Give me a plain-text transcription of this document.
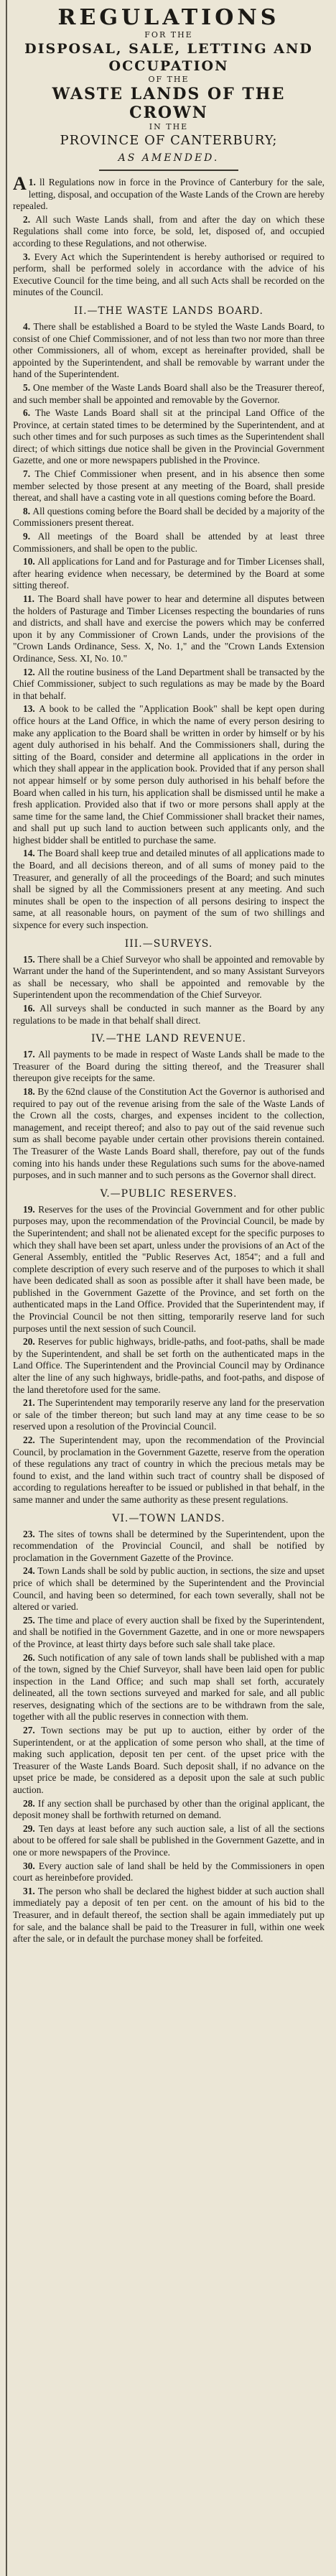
REGULATIONS
FOR THE
DISPOSAL, SALE, LETTING AND
OCCUPATION
OF THE
WASTE LANDS OF THE CROWN
IN THE
PROVINCE OF CANTERBURY;
AS AMENDED.

1.
A ll Regulations now in force in the Province of Canterbury for the sale, letting, disposal, and occupation of the Waste Lands of the Crown are hereby repealed.

2. All such Waste Lands shall, from and after the day on which these Regulations shall come into force, be sold, let, disposed of, and occupied according to these Regulations, and not otherwise.

3. Every Act which the Superintendent is hereby authorised or required to perform, shall be performed solely in accordance with the advice of his Executive Council for the time being, and all such Acts shall be recorded on the minutes of the Council.

II.—THE WASTE LANDS BOARD.

4. There shall be established a Board to be styled the Waste Lands Board, to consist of one Chief Commissioner, and of not less than two nor more than three other Commissioners, all of whom, except as hereinafter provided, shall be appointed by the Superintendent, and shall be removable by warrant under the hand of the Superintendent.

5. One member of the Waste Lands Board shall also be the Treasurer thereof, and such member shall be appointed and removable by the Governor.

6. The Waste Lands Board shall sit at the principal Land Office of the Province, at certain stated times to be determined by the Superintendent, and at such other times and for such purposes as such times as the Superintendent shall direct; of which sittings due notice shall be given in the Provincial Government Gazette, and one or more newspapers published in the Province.

7. The Chief Commissioner when present, and in his absence then some member selected by those present at any meeting of the Board, shall preside thereat, and shall have a casting vote in all questions coming before the Board.

8. All questions coming before the Board shall be decided by a majority of the Commissioners present thereat.

9. All meetings of the Board shall be attended by at least three Commissioners, and shall be open to the public.

10. All applications for Land and for Pasturage and for Timber Licenses shall, after hearing evidence when necessary, be determined by the Board at some sitting thereof.

11. The Board shall have power to hear and determine all disputes between the holders of Pasturage and Timber Licenses respecting the boundaries of runs and districts, and shall have and exercise the powers which may be conferred upon it by any Commissioner of Crown Lands, under the provisions of the "Crown Lands Ordinance, Sess. X, No. 1," and the "Crown Lands Extension Ordinance, Sess. XI, No. 10."

12. All the routine business of the Land Department shall be transacted by the Chief Commissioner, subject to such regulations as may be made by the Board in that behalf.

13. A book to be called the "Application Book" shall be kept open during office hours at the Land Office, in which the name of every person desiring to make any application to the Board shall be written in order by himself or by his agent duly authorised in his behalf. And the Commissioners shall, during the sitting of the Board, consider and determine all applications in the order in which they shall appear in the application book. Provided that if any person shall not appear himself or by some person duly authorised in his behalf before the Board when called in his turn, his application shall be dismissed until he make a fresh application. Provided also that if two or more persons shall apply at the same time for the same land, the Chief Commissioner shall bracket their names, and shall put up such land to auction between such applicants only, and the highest bidder shall be entitled to purchase the same.

14. The Board shall keep true and detailed minutes of all applications made to the Board, and all decisions thereon, and of all sums of money paid to the Treasurer, and generally of all the proceedings of the Board; and such minutes shall be signed by all the Commissioners present at any meeting. And such minutes shall be open to the inspection of all persons desiring to inspect the same, at all reasonable hours, on payment of the sum of two shillings and sixpence for every such inspection.

III.—SURVEYS.

15. There shall be a Chief Surveyor who shall be appointed and removable by Warrant under the hand of the Superintendent, and so many Assistant Surveyors as shall be necessary, who shall be appointed and removable by the Superintendent upon the recommendation of the Chief Surveyor.

16. All surveys shall be conducted in such manner as the Board by any regulations to be made in that behalf shall direct.

IV.—THE LAND REVENUE.

17. All payments to be made in respect of Waste Lands shall be made to the Treasurer of the Board during the sitting thereof, and the Treasurer shall thereupon give receipts for the same.

18. By the 62nd clause of the Constitution Act the Governor is authorised and required to pay out of the revenue arising from the sale of the Waste Lands of the Crown all the costs, charges, and expenses incident to the collection, management, and receipt thereof; and also to pay out of the said revenue such sum as shall become payable under certain other provisions therein contained. The Treasurer of the Waste Lands Board shall, therefore, pay out of the funds coming into his hands under these Regulations such sums for the above-named purposes, and in such manner and to such persons as the Governor shall direct.

V.—PUBLIC RESERVES.

19. Reserves for the uses of the Provincial Government and for other public purposes may, upon the recommendation of the Provincial Council, be made by the Superintendent; and shall not be alienated except for the specific purposes to which they shall have been set apart, unless under the provisions of an Act of the General Assembly, entitled the "Public Reserves Act, 1854"; and a full and complete description of every such reserve and of the purposes to which it shall have been dedicated shall as soon as possible after it shall have been made, be published in the Government Gazette of the Province, and set forth on the authenticated maps in the Land Office. Provided that the Superintendent may, if the Provincial Council be not then sitting, temporarily reserve land for such purposes until the next session of such Council.

20. Reserves for public highways, bridle-paths, and foot-paths, shall be made by the Superintendent, and shall be set forth on the authenticated maps in the Land Office. The Superintendent and the Provincial Council may by Ordinance alter the line of any such highways, bridle-paths, and foot-paths, and dispose of the land theretofore used for the same.

21. The Superintendent may temporarily reserve any land for the preservation or sale of the timber thereon; but such land may at any time cease to be so reserved upon a resolution of the Provincial Council.

22. The Superintendent may, upon the recommendation of the Provincial Council, by proclamation in the Government Gazette, reserve from the operation of these regulations any tract of country in which the precious metals may be found to exist, and the land within such tract of country shall be disposed of according to regulations hereafter to be issued or published in that behalf, in the same manner and under the same authority as these present regulations.

VI.—TOWN LANDS.

23. The sites of towns shall be determined by the Superintendent, upon the recommendation of the Provincial Council, and shall be notified by proclamation in the Government Gazette of the Province.

24. Town Lands shall be sold by public auction, in sections, the size and upset price of which shall be determined by the Superintendent and the Provincial Council, and having been so determined, for each town severally, shall not be altered or varied.

25. The time and place of every auction shall be fixed by the Superintendent, and shall be notified in the Government Gazette, and in one or more newspapers of the Province, at least thirty days before such sale shall take place.

26. Such notification of any sale of town lands shall be published with a map of the town, signed by the Chief Surveyor, shall have been laid open for public inspection in the Land Office; and such map shall set forth, accurately delineated, all the town sections surveyed and marked for sale, and all public reserves, designating which of the sections are to be withdrawn from the sale, together with all the public reserves in connection with them.

27. Town sections may be put up to auction, either by order of the Superintendent, or at the application of some person who shall, at the time of making such application, deposit ten per cent. of the upset price with the Treasurer of the Waste Lands Board. Such deposit shall, if no advance on the upset price be made, be considered as a deposit upon the sale at such public auction.

28. If any section shall be purchased by other than the original applicant, the deposit money shall be forthwith returned on demand.

29. Ten days at least before any such auction sale, a list of all the sections about to be offered for sale shall be published in the Government Gazette, and in one or more newspapers of the Province.

30. Every auction sale of land shall be held by the Commissioners in open court as hereinbefore provided.

31. The person who shall be declared the highest bidder at such auction shall immediately pay a deposit of ten per cent. on the amount of his bid to the Treasurer, and in default thereof, the section shall be again immediately put up for sale, and the balance shall be paid to the Treasurer in full, within one week after the sale, or in default the purchase money shall be forfeited.
